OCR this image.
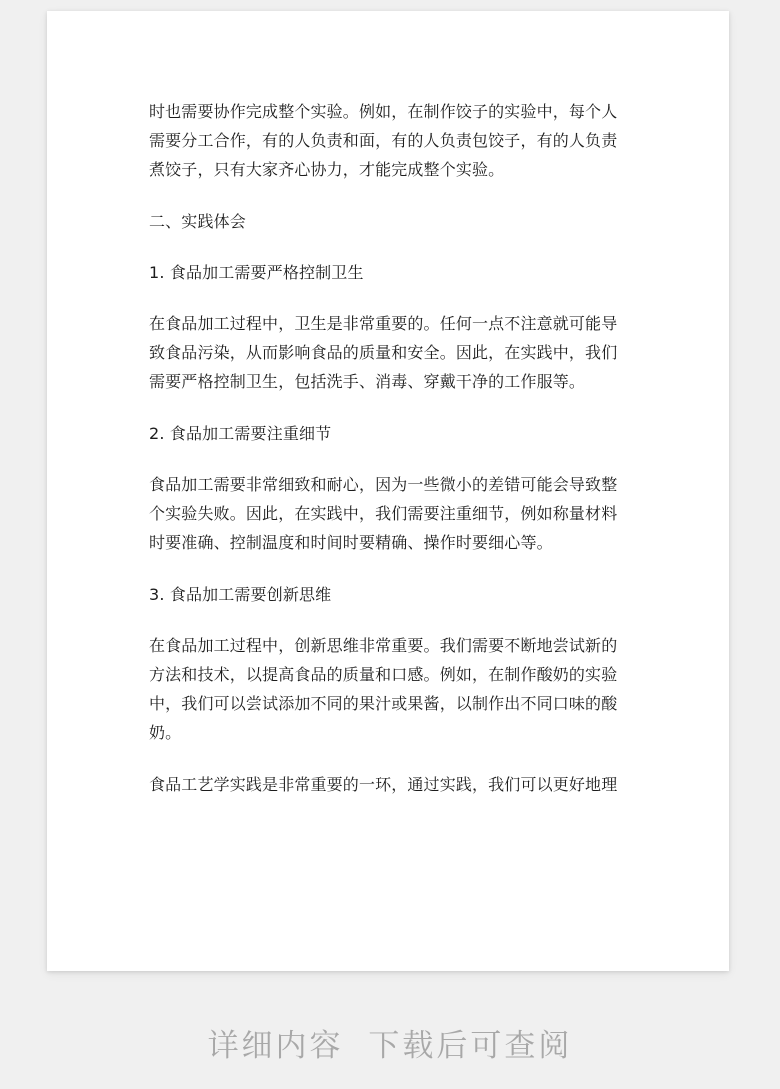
时也需要协作完成整个实验。例如，在制作饺子的实验中，每个人需要分工合作，有的人负责和面，有的人负责包饺子，有的人负责煮饺子，只有大家齐心协力，才能完成整个实验。

二、实践体会

1. 食品加工需要严格控制卫生

在食品加工过程中，卫生是非常重要的。任何一点不注意就可能导致食品污染，从而影响食品的质量和安全。因此，在实践中，我们需要严格控制卫生，包括洗手、消毒、穿戴干净的工作服等。

2. 食品加工需要注重细节

食品加工需要非常细致和耐心，因为一些微小的差错可能会导致整个实验失败。因此，在实践中，我们需要注重细节，例如称量材料时要准确、控制温度和时间时要精确、操作时要细心等。

3. 食品加工需要创新思维

在食品加工过程中，创新思维非常重要。我们需要不断地尝试新的方法和技术，以提高食品的质量和口感。例如，在制作酸奶的实验中，我们可以尝试添加不同的果汁或果酱，以制作出不同口味的酸奶。

食品工艺学实践是非常重要的一环，通过实践，我们可以更好地理

详细内容 下载后可查阅
